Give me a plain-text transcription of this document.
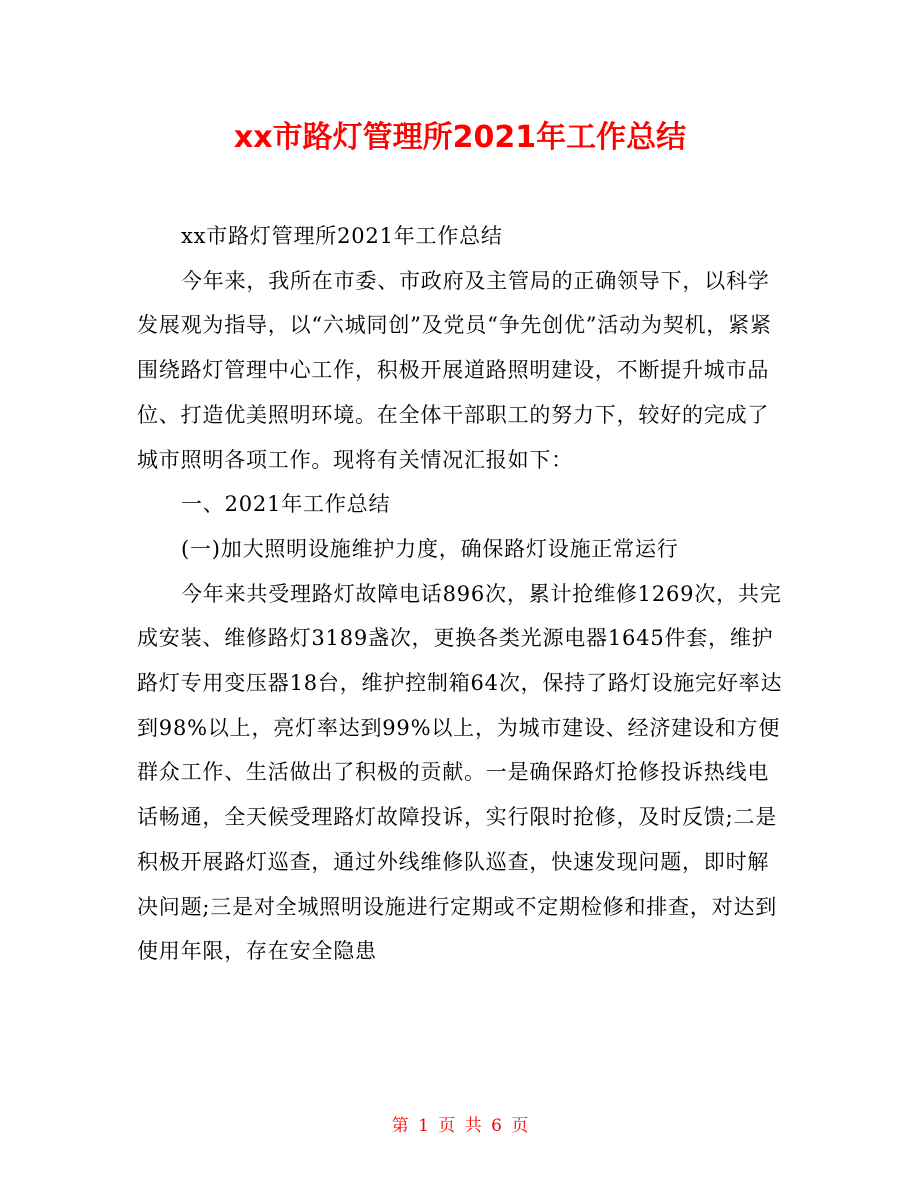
xx市路灯管理所2021年工作总结

xx市路灯管理所2021年工作总结

今年来，我所在市委、市政府及主管局的正确领导下，以科学发展观为指导，以“六城同创”及党员“争先创优”活动为契机，紧紧围绕路灯管理中心工作，积极开展道路照明建设，不断提升城市品位、打造优美照明环境。在全体干部职工的努力下，较好的完成了城市照明各项工作。现将有关情况汇报如下：

一、2021年工作总结

(一)加大照明设施维护力度，确保路灯设施正常运行

今年来共受理路灯故障电话896次，累计抢维修1269次，共完成安装、维修路灯3189盏次，更换各类光源电器1645件套，维护路灯专用变压器18台，维护控制箱64次，保持了路灯设施完好率达到98%以上，亮灯率达到99%以上，为城市建设、经济建设和方便群众工作、生活做出了积极的贡献。一是确保路灯抢修投诉热线电话畅通，全天候受理路灯故障投诉，实行限时抢修，及时反馈;二是积极开展路灯巡查，通过外线维修队巡查，快速发现问题，即时解决问题;三是对全城照明设施进行定期或不定期检修和排查，对达到使用年限，存在安全隐患

第 1 页 共 6 页
